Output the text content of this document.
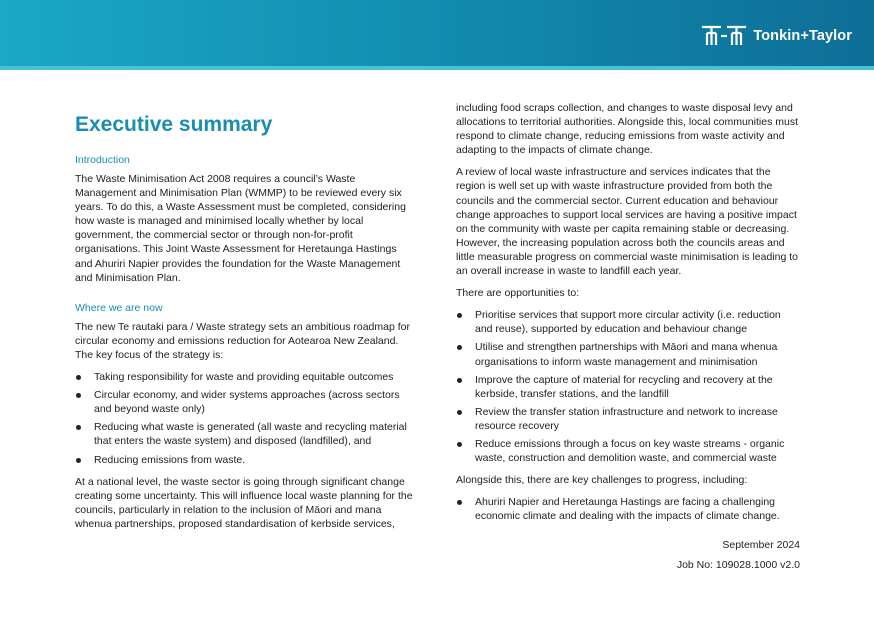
Tonkin+Taylor
Executive summary
Introduction

The Waste Minimisation Act 2008 requires a council’s Waste Management and Minimisation Plan (WMMP) to be reviewed every six years. To do this, a Waste Assessment must be completed, considering how waste is managed and minimised locally whether by local government, the commercial sector or through non-for-profit organisations. This Joint Waste Assessment for Heretaunga Hastings and Ahuriri Napier provides the foundation for the Waste Management and Minimisation Plan.

Where we are now

The new Te rautaki para / Waste strategy sets an ambitious roadmap for circular economy and emissions reduction for Aotearoa New Zealand. The key focus of the strategy is:

Taking responsibility for waste and providing equitable outcomes
Circular economy, and wider systems approaches (across sectors and beyond waste only)
Reducing what waste is generated (all waste and recycling material that enters the waste system) and disposed (landfilled), and
Reducing emissions from waste.

At a national level, the waste sector is going through significant change creating some uncertainty. This will influence local waste planning for the councils, particularly in relation to the inclusion of Māori and mana whenua partnerships, proposed standardisation of kerbside services,

including food scraps collection, and changes to waste disposal levy and allocations to territorial authorities. Alongside this, local communities must respond to climate change, reducing emissions from waste activity and adapting to the impacts of climate change.

A review of local waste infrastructure and services indicates that the region is well set up with waste infrastructure provided from both the councils and the commercial sector. Current education and behaviour change approaches to support local services are having a positive impact on the community with waste per capita remaining stable or decreasing. However, the increasing population across both the councils areas and little measurable progress on commercial waste minimisation is leading to an overall increase in waste to landfill each year.

There are opportunities to:

Prioritise services that support more circular activity (i.e. reduction and reuse), supported by education and behaviour change
Utilise and strengthen partnerships with Māori and mana whenua organisations to inform waste management and minimisation
Improve the capture of material for recycling and recovery at the kerbside, transfer stations, and the landfill
Review the transfer station infrastructure and network to increase resource recovery
Reduce emissions through a focus on key waste streams - organic waste, construction and demolition waste, and commercial waste

Alongside this, there are key challenges to progress, including:

Ahuriri Napier and Heretaunga Hastings are facing a challenging economic climate and dealing with the impacts of climate change.

September 2024

Job No: 109028.1000 v2.0
